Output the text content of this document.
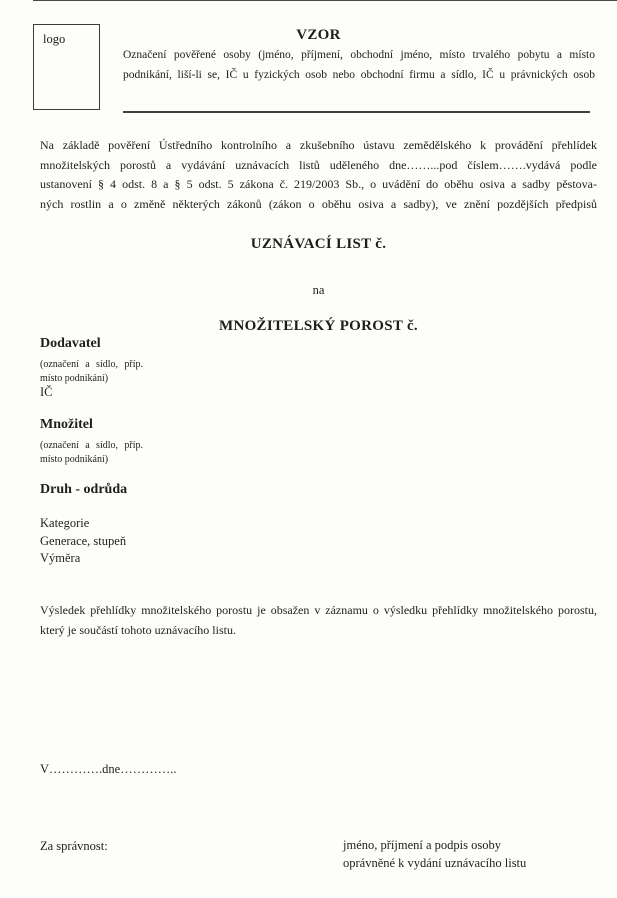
logo	VZOR
Označení pověřené osoby (jméno, příjmení, obchodní jméno, místo trvalého pobytu a místo
podnikání, liší-li se, IČ u fyzických osob nebo obchodní firmu a sídlo, IČ u právnických osob
Na základě pověření Ústředního kontrolního a zkušebního ústavu zemědělského k provádění přehlídek
množitelských porostů a vydávání uznávacích listů uděleného dne……...pod číslem…….vydává podle
ustanovení § 4 odst. 8 a § 5 odst. 5 zákona č. 219/2003 Sb., o uvádění do oběhu osiva a sadby pěstova-
ných rostlin a o změně některých zákonů (zákon o oběhu osiva a sadby), ve znění pozdějších předpisů
UZNÁVACÍ LIST č.
na
MNOŽITELSKÝ POROST č.
Dodavatel
(označení a sídlo, příp.
místo podnikání)
IČ
Množitel
(označení a sídlo, příp.
místo podnikání)
Druh - odrůda
Kategorie
Generace, stupeň
Výměra
Výsledek přehlídky množitelského porostu je obsažen v záznamu o výsledku přehlídky množitelského porostu,
který je součástí tohoto uznávacího listu.
V………….dne…………..
Za správnost:	jméno, příjmení a podpis osoby
oprávněné k vydání uznávacího listu
